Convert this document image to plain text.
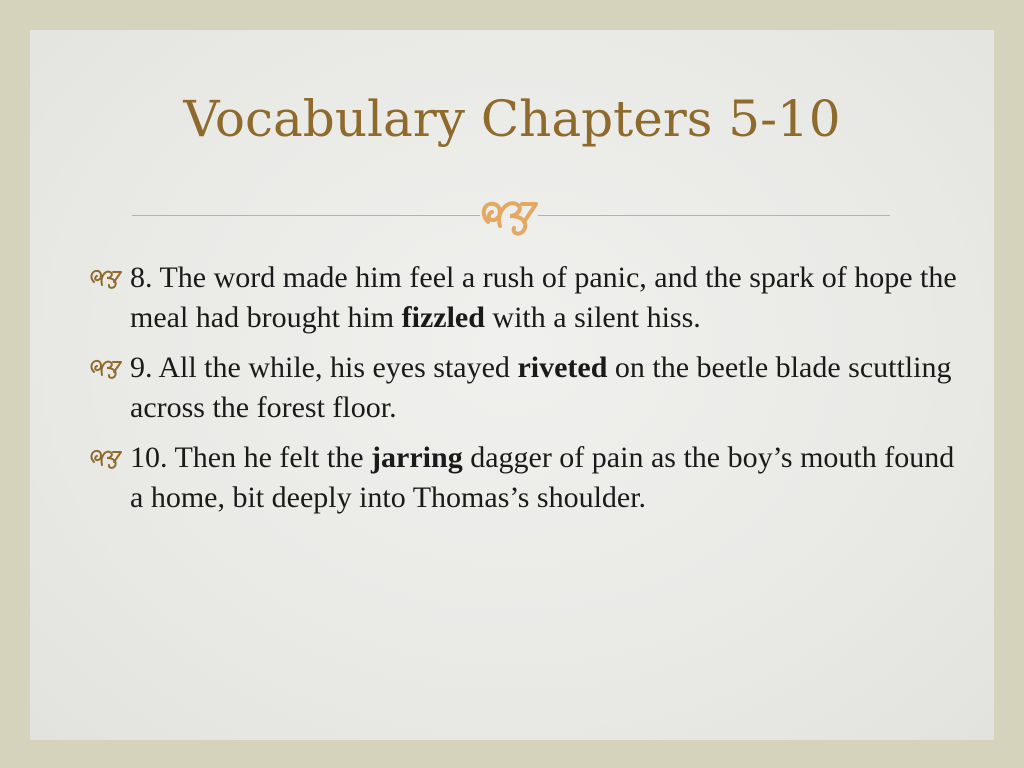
Vocabulary Chapters 5-10
8. The word made him feel a rush of panic, and the spark of hope the meal had brought him fizzled with a silent hiss.
9. All the while, his eyes stayed riveted on the beetle blade scuttling across the forest floor.
10. Then he felt the jarring dagger of pain as the boy’s mouth found a home, bit deeply into Thomas’s shoulder.
